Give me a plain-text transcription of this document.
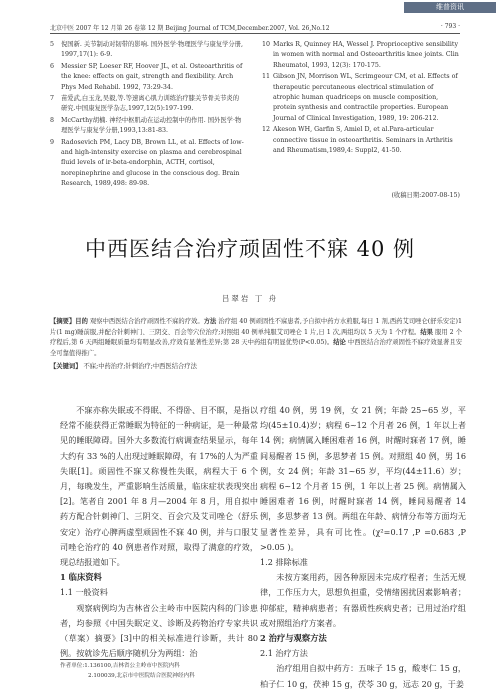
维普资讯 http://www.cqvip.com
北京中医 2007 年 12 月第 26 卷第 12 期 Beijing Journal of TCM,December.2007, Vol. 26,No.12	· 793 ·
5	倪国新. 关节制动对韧带的影响. 国外医学·物理医学与康复学分册, 1997,17(1): 6-9.
6	Messier SP, Loeser RF, Hoover JL, et al. Osteoarthritis of the knee: effects on gait, strength and flexibility. Arch Phys Med Rehabil. 1992, 73:29-34.
7	苗爱武,白玉龙,吴毅,等.等速离心肌力训练治疗膝关节骨关节炎的研究.中国康复医学杂志,1997,12(5):197-199.
8	McCarthy胡楠. 神经中枢肌动在运动控制中的作用. 国外医学·物理医学与康复学分册,1993,13:81-83.
9	Radosevich PM, Lacy DB, Brown LL, et al. Effects of low-and high-intensity exercise on plasma and cerebrospinal fluid levels of ir-beta-endorphin, ACTH, cortisol, norepinephrine and glucose in the conscious dog. Brain Research, 1989,498: 89-98.
10 Marks R, Quinney HA, Wessel J. Proprioceptive sensibility in women with normal and Osteoarthritis knee joints. Clin Rheumatol, 1993, 12(3): 170-175.
11 Gibson JN, Morrison WL, Scrimgeour CM, et al. Effects of therapeutic percutaneous electrical stimulation of atrophic human quadriceps on muscle composition, protein synthesis and contractile properties. European Journal of Clinical Investigation, 1989, 19: 206-212.
12 Akeson WH, Garfin S, Amiel D, et al.Para-articular connective tissue in osteoarthritis. Seminars in Arthritis and Rheumatism,1989,4: Suppl2, 41-50.
(收稿日期:2007-08-15)
中西医结合治疗顽固性不寐 40 例
吕翠岩 丁 舟
【摘要】目的 观察中西医结合治疗顽固性不寐的疗效。方法 治疗组 40 例顽固性不寐患者,予自拟中药方水煎服,每日 1 剂,西药艾司唑仑(舒乐安定)1 片(1 mg)睡前服,并配合针刺神门、三阴交、百会等穴位治疗;对照组 40 例单纯服艾司唑仑 1 片,日 1 次,两组均以 5 天为 1 个疗程。结果 服用 2 个疗程后,第 6 天两组睡眠质量均有明显改善,疗效有显著性差异;第 28 天中药组有明显优势(P<0.05)。结论 中西医结合治疗顽固性不寐疗效显著且安全可靠值得推广。
【关键词】 不寐;中药治疗;针刺治疗;中西医结合疗法

不寐亦称失眠或不得眠、不得卧、目不瞑，是指以经常不能获得正常睡眠为特征的一种病证，是一种最常见的睡眠障碍。国外大多数流行病调查结果显示，每年大约有 33 %的人出现过睡眠障碍，有 17%的人为严重失眠[1]。顽固性不寐又称慢性失眠，病程大于 6 个月，每晚发生，严重影响生活质量，临床症状表现突出[2]。笔者自 2001 年 8 月—2004 年 8 月，用自拟中药方配合针刺神门、三阴交、百会穴及艾司唑仑（舒乐安定）治疗心脾两虚型顽固性不寐 40 例，并与口服艾司唑仑治疗的 40 例患者作对照，取得了满意的疗效，现总结报道如下。

1 临床资料
1.1 一般资料

观察病例均为吉林省公主岭市中医院内科的门诊患者，均参照《中国失眠定义、诊断及药物治疗专家共识（草案）摘要》[3]中的相关标准进行诊断，共计 80 例。按就诊先后顺序随机分为两组：治

疗组 40 例，男 19 例，女 21 例；年龄 25~65 岁，平均(45±10.4)岁；病程 6~12 个月者 26 例，1 年以上者 14 例；病情属入睡困难者 16 例，时醒时寐者 17 例，睡间易醒者 15 例，多思梦者 15 例。对照组 40 例，男 16 例，女 24 例；年龄 31~65 岁，平均(44±11.6）岁；病程 6~12 个月者 15 例，1 年以上者 25 例。病情属入睡困难者 16 例，时醒时寐者 14 例，睡间易醒者 14 例，多思梦者 13 例。两组在年龄、病情分布等方面均无显著性差异，具有可比性。(χ²=0.17 ,P =0.683 ,P >0.05 )。

1.2 排除标准

未按方案用药，因各种原因未完成疗程者；生活无规律，工作压力大，思想负担重，受情绪困扰因素影响者；抑郁症，精神病患者；有器质性疾病史者；已用过治疗组或对照组治疗方案者。

2 治疗与观察方法
2.1 治疗方法

治疗组用自拟中药方：五味子 15 g，酸枣仁 15 g，柏子仁 10 g，茯神 15 g，茯苓 30 g，远志 20 g，于姜

作者单位:1.136100,吉林省公主岭市中医院内科
2.100039,北京市中医院结合医院神经内科
